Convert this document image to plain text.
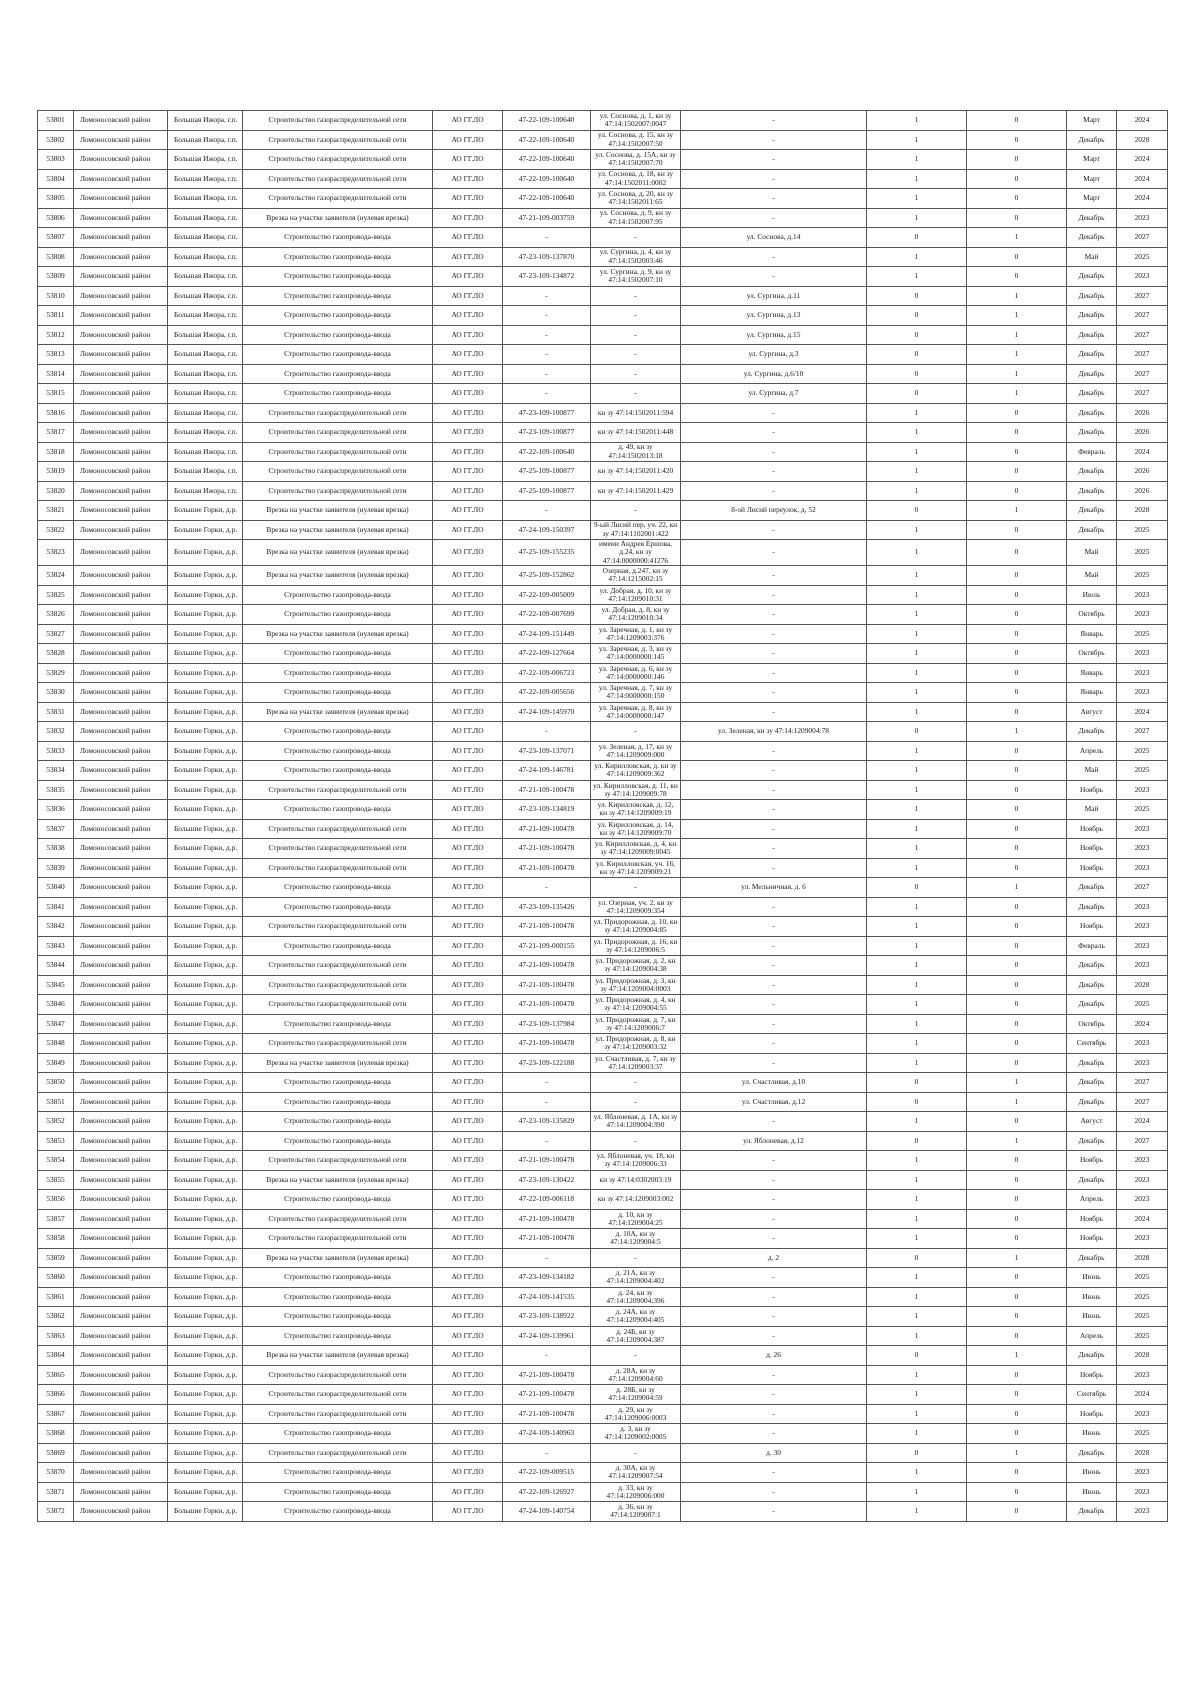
53801	Ломоносовский район	Большая Ижора, г.п.	Строительство газораспределительной сети	АО ГГ.ЛО	47-22-109-100640	ул. Соснова, д. 1, кн зу 47:14:1502007:0047	-	1	0	Март	2024
53802	Ломоносовский район	Большая Ижора, г.п.	Строительство газораспределительной сети	АО ГГ.ЛО	47-22-109-100640	ул. Соснова, д. 15, кн зу 47:14:1502007:50	-	1	0	Декабрь	2028
53803	Ломоносовский район	Большая Ижора, г.п.	Строительство газораспределительной сети	АО ГГ.ЛО	47-22-109-100640	ул. Соснова, д. 15А, кн зу 47:14:1502007:70	-	1	0	Март	2024
53804	Ломоносовский район	Большая Ижора, г.п.	Строительство газораспределительной сети	АО ГГ.ЛО	47-22-109-100640	ул. Соснова, д. 18, кн зу 47:14:1502011:0002	-	1	0	Март	2024
53805	Ломоносовский район	Большая Ижора, г.п.	Строительство газораспределительной сети	АО ГГ.ЛО	47-22-109-100640	ул. Соснова, д. 20, кн зу 47:14:1502011:65	-	1	0	Март	2024
53806	Ломоносовский район	Большая Ижора, г.п.	Врезка на участке заявителя (нулевая врезка)	АО ГГ.ЛО	47-21-109-003759	ул. Соснова, д. 9, кн зу 47:14:1502007:95	-	1	0	Декабрь	2023
53807	Ломоносовский район	Большая Ижора, г.п.	Строительство газопровода-ввода	АО ГГ.ЛО	-	-	ул. Соснова, д.14	0	1	Декабрь	2027
53808	Ломоносовский район	Большая Ижора, г.п.	Строительство газопровода-ввода	АО ГГ.ЛО	47-23-109-137870	ул. Сургина, д. 4, кн зу 47:14:1502003:46	-	1	0	Май	2025
53809	Ломоносовский район	Большая Ижора, г.п.	Строительство газопровода-ввода	АО ГГ.ЛО	47-23-109-134872	ул. Сургина, д. 9, кн зу 47:14:1502007:10	-	1	0	Декабрь	2023
53810	Ломоносовский район	Большая Ижора, г.п.	Строительство газопровода-ввода	АО ГГ.ЛО	-	-	ул. Сургина, д.11	0	1	Декабрь	2027
53811	Ломоносовский район	Большая Ижора, г.п.	Строительство газопровода-ввода	АО ГГ.ЛО	-	-	ул. Сургина, д.13	0	1	Декабрь	2027
53812	Ломоносовский район	Большая Ижора, г.п.	Строительство газопровода-ввода	АО ГГ.ЛО	-	-	ул. Сургина, д.15	0	1	Декабрь	2027
53813	Ломоносовский район	Большая Ижора, г.п.	Строительство газопровода-ввода	АО ГГ.ЛО	-	-	ул. Сургина, д.3	0	1	Декабрь	2027
53814	Ломоносовский район	Большая Ижора, г.п.	Строительство газопровода-ввода	АО ГГ.ЛО	-	-	ул. Сургина, д.6/10	0	1	Декабрь	2027
53815	Ломоносовский район	Большая Ижора, г.п.	Строительство газопровода-ввода	АО ГГ.ЛО	-	-	ул. Сургина, д.7	0	1	Декабрь	2027
53816	Ломоносовский район	Большая Ижора, г.п.	Строительство газораспределительной сети	АО ГГ.ЛО	47-23-109-100877	кн зу 47:14:1502011:594	-	1	0	Декабрь	2026
53817	Ломоносовский район	Большая Ижора, г.п.	Строительство газораспределительной сети	АО ГГ.ЛО	47-23-109-100877	кн зу 47:14:1502011:448	-	1	0	Декабрь	2026
53818	Ломоносовский район	Большая Ижора, г.п.	Строительство газораспределительной сети	АО ГГ.ЛО	47-22-109-100640	д. 49, кн зу 47:14:1502013:18	-	1	0	Февраль	2024
53819	Ломоносовский район	Большая Ижора, г.п.	Строительство газораспределительной сети	АО ГГ.ЛО	47-25-109-100877	кн зу 47:14:1502011:420	-	1	0	Декабрь	2026
53820	Ломоносовский район	Большая Ижора, г.п.	Строительство газораспределительной сети	АО ГГ.ЛО	47-25-109-100877	кн зу 47:14:1502011:429	-	1	0	Декабрь	2026
53821	Ломоносовский район	Большие Горки, д.р.	Врезка на участке заявителя (нулевая врезка)	АО ГГ.ЛО	-	-	8-ой Лисий переулок, д. 52	0	1	Декабрь	2028
53822	Ломоносовский район	Большие Горки, д.р.	Врезка на участке заявителя (нулевая врезка)	АО ГГ.ЛО	47-24-109-150397	9-ый Лисий пер, уч. 22, кн зу 47:14:1102001:422	-	1	0	Декабрь	2025
53823	Ломоносовский район	Большие Горки, д.р.	Врезка на участке заявителя (нулевая врезка)	АО ГГ.ЛО	47-25-109-155235	имени Андрея Ершова, д.24, кн зу 47:14:0000000:41276	-	1	0	Май	2025
53824	Ломоносовский район	Большие Горки, д.р.	Врезка на участке заявителя (нулевая врезка)	АО ГГ.ЛО	47-25-109-152862	Озерная, д.247, кн зу 47:14:1215002:15	-	1	0	Май	2025
53825	Ломоносовский район	Большие Горки, д.р.	Строительство газопровода-ввода	АО ГГ.ЛО	47-22-109-005009	ул. Добрая, д. 10, кн зу 47:14:1209010:31	-	1	0	Июль	2023
53826	Ломоносовский район	Большие Горки, д.р.	Строительство газопровода-ввода	АО ГГ.ЛО	47-22-109-007699	ул. Добрая, д. 8, кн зу 47:14:1209010:34	-	1	0	Октябрь	2023
53827	Ломоносовский район	Большие Горки, д.р.	Врезка на участке заявителя (нулевая врезка)	АО ГГ.ЛО	47-24-109-151449	ул. Заречная, д. 1, кн зу 47:14:1209003:376	-	1	0	Январь	2025
53828	Ломоносовский район	Большие Горки, д.р.	Строительство газопровода-ввода	АО ГГ.ЛО	47-22-109-127664	ул. Заречная, д. 3, кн зу 47:14:0000000:145	-	1	0	Октябрь	2023
53829	Ломоносовский район	Большие Горки, д.р.	Строительство газопровода-ввода	АО ГГ.ЛО	47-22-109-006723	ул. Заречная, д. 6, кн зу 47:14:0000000:146	-	1	0	Январь	2023
53830	Ломоносовский район	Большие Горки, д.р.	Строительство газопровода-ввода	АО ГГ.ЛО	47-22-109-005656	ул. Заречная, д. 7, кн зу 47:14:0000000:150	-	1	0	Январь	2023
53831	Ломоносовский район	Большие Горки, д.р.	Врезка на участке заявителя (нулевая врезка)	АО ГГ.ЛО	47-24-109-145970	ул. Заречная, д. 8, кн зу 47:14:0000000:147	-	1	0	Август	2024
53832	Ломоносовский район	Большие Горки, д.р.	Строительство газопровода-ввода	АО ГГ.ЛО	-	-	ул. Зеленая, кн зу 47:14:1209004:78	0	1	Декабрь	2027
53833	Ломоносовский район	Большие Горки, д.р.	Строительство газопровода-ввода	АО ГГ.ЛО	47-23-109-137071	ул. Зеленая, д. 17, кн зу 47:14:1209009:000	-	1	0	Апрель	2025
53834	Ломоносовский район	Большие Горки, д.р.	Строительство газопровода-ввода	АО ГГ.ЛО	47-24-109-146781	ул. Кирилловская, д. кн зу 47:14:1209009:362	-	1	0	Май	2025
53835	Ломоносовский район	Большие Горки, д.р.	Строительство газораспределительной сети	АО ГГ.ЛО	47-21-109-100478	ул. Кирилловская, д. 11, кн зу 47:14:1209009:78	-	1	0	Ноябрь	2023
53836	Ломоносовский район	Большие Горки, д.р.	Строительство газопровода-ввода	АО ГГ.ЛО	47-23-109-134819	ул. Кирилловская, д. 12, кн зу 47:14:1209009:19	-	1	0	Май	2025
53837	Ломоносовский район	Большие Горки, д.р.	Строительство газораспределительной сети	АО ГГ.ЛО	47-21-109-100478	ул. Кирилловская, д. 14, кн зу 47:14:1209009:70	-	1	0	Ноябрь	2023
53838	Ломоносовский район	Большие Горки, д.р.	Строительство газораспределительной сети	АО ГГ.ЛО	47-21-109-100478	ул. Кирилловская, д. 4, кн зу 47:14:1209009:0045	-	1	0	Ноябрь	2023
53839	Ломоносовский район	Большие Горки, д.р.	Строительство газораспределительной сети	АО ГГ.ЛО	47-21-109-100478	ул. Кирилловская, уч. 16, кн зу 47:14:1209009:21	-	1	0	Ноябрь	2023
53840	Ломоносовский район	Большие Горки, д.р.	Строительство газопровода-ввода	АО ГГ.ЛО	-	-	ул. Мельничная, д. 6	0	1	Декабрь	2027
53841	Ломоносовский район	Большие Горки, д.р.	Строительство газопровода-ввода	АО ГГ.ЛО	47-23-109-135426	ул. Озерная, уч. 2, кн зу 47:14:1209009:354	-	1	0	Декабрь	2023
53842	Ломоносовский район	Большие Горки, д.р.	Строительство газораспределительной сети	АО ГГ.ЛО	47-21-109-100478	ул. Придорожная, д. 10, кн зу 47:14:1209004:85	-	1	0	Ноябрь	2023
53843	Ломоносовский район	Большие Горки, д.р.	Строительство газопровода-ввода	АО ГГ.ЛО	47-21-109-000155	ул. Придорожная, д. 16, кн зу 47:14:1209006:5	-	1	0	Февраль	2023
53844	Ломоносовский район	Большие Горки, д.р.	Строительство газораспределительной сети	АО ГГ.ЛО	47-21-109-100478	ул. Придорожная, д. 2, кн зу 47:14:1209004:38	-	1	0	Декабрь	2023
53845	Ломоносовский район	Большие Горки, д.р.	Строительство газораспределительной сети	АО ГГ.ЛО	47-21-109-100478	ул. Придорожная, д. 3, кн зу 47:14:1209004:0003	-	1	0	Декабрь	2028
53846	Ломоносовский район	Большие Горки, д.р.	Строительство газораспределительной сети	АО ГГ.ЛО	47-21-109-100478	ул. Придорожная, д. 4, кн зу 47:14:1209004:55	-	1	0	Декабрь	2025
53847	Ломоносовский район	Большие Горки, д.р.	Строительство газопровода-ввода	АО ГГ.ЛО	47-23-109-137984	ул. Придорожная, д. 7, кн зу 47:14:1209006:7	-	1	0	Октябрь	2024
53848	Ломоносовский район	Большие Горки, д.р.	Строительство газораспределительной сети	АО ГГ.ЛО	47-21-109-100478	ул. Придорожная, д. 8, кн зу 47:14:1209003:32	-	1	0	Сентябрь	2023
53849	Ломоносовский район	Большие Горки, д.р.	Врезка на участке заявителя (нулевая врезка)	АО ГГ.ЛО	47-23-109-122188	ул. Счастливая, д. 7, кн зу 47:14:1209003:37	-	1	0	Декабрь	2023
53850	Ломоносовский район	Большие Горки, д.р.	Строительство газопровода-ввода	АО ГГ.ЛО	-	-	ул. Счастливая, д.10	0	1	Декабрь	2027
53851	Ломоносовский район	Большие Горки, д.р.	Строительство газопровода-ввода	АО ГГ.ЛО	-	-	ул. Счастливая, д.12	0	1	Декабрь	2027
53852	Ломоносовский район	Большие Горки, д.р.	Строительство газопровода-ввода	АО ГГ.ЛО	47-23-109-135829	ул. Яблоневая, д. 1А, кн зу 47:14:1209004:390	-	1	0	Август	2024
53853	Ломоносовский район	Большие Горки, д.р.	Строительство газопровода-ввода	АО ГГ.ЛО	-	-	ул. Яблоневая, д.12	0	1	Декабрь	2027
53854	Ломоносовский район	Большие Горки, д.р.	Строительство газораспределительной сети	АО ГГ.ЛО	47-21-109-100478	ул. Яблоневая, уч. 18, кн зу 47:14:1209006:33	-	1	0	Ноябрь	2023
53855	Ломоносовский район	Большие Горки, д.р.	Врезка на участке заявителя (нулевая врезка)	АО ГГ.ЛО	47-23-109-130422	кн зу 47:14:0302003:19	-	1	0	Декабрь	2023
53856	Ломоносовский район	Большие Горки, д.р.	Строительство газопровода-ввода	АО ГГ.ЛО	47-22-109-006118	кн зу 47:14:1209003:002	-	1	0	Апрель	2023
53857	Ломоносовский район	Большие Горки, д.р.	Строительство газораспределительной сети	АО ГГ.ЛО	47-21-109-100478	д. 10, кн зу 47:14:1209004:25	-	1	0	Ноябрь	2024
53858	Ломоносовский район	Большие Горки, д.р.	Строительство газораспределительной сети	АО ГГ.ЛО	47-21-109-100478	д. 10А, кн зу 47:14:1209004:5	-	1	0	Ноябрь	2023
53859	Ломоносовский район	Большие Горки, д.р.	Врезка на участке заявителя (нулевая врезка)	АО ГГ.ЛО	-	-	д. 2	0	1	Декабрь	2028
53860	Ломоносовский район	Большие Горки, д.р.	Строительство газопровода-ввода	АО ГГ.ЛО	47-23-109-134182	д. 21А, кн зу 47:14:1209004:402	-	1	0	Июнь	2025
53861	Ломоносовский район	Большие Горки, д.р.	Строительство газопровода-ввода	АО ГГ.ЛО	47-24-109-141535	д. 24, кн зу 47:14:1209004:396	-	1	0	Июнь	2025
53862	Ломоносовский район	Большие Горки, д.р.	Строительство газопровода-ввода	АО ГГ.ЛО	47-23-109-138922	д. 24А, кн зу 47:14:1209004:405	-	1	0	Июнь	2025
53863	Ломоносовский район	Большие Горки, д.р.	Строительство газопровода-ввода	АО ГГ.ЛО	47-24-109-139961	д. 24Б, кн зу 47:14:1209004:387	-	1	0	Апрель	2025
53864	Ломоносовский район	Большие Горки, д.р.	Врезка на участке заявителя (нулевая врезка)	АО ГГ.ЛО	-	-	д. 26	0	1	Декабрь	2028
53865	Ломоносовский район	Большие Горки, д.р.	Строительство газораспределительной сети	АО ГГ.ЛО	47-21-109-100478	д. 28А, кн зу 47:14:1209004:60	-	1	0	Ноябрь	2023
53866	Ломоносовский район	Большие Горки, д.р.	Строительство газораспределительной сети	АО ГГ.ЛО	47-21-109-100478	д. 28Б, кн зу 47:14:1209004:59	-	1	0	Сентябрь	2024
53867	Ломоносовский район	Большие Горки, д.р.	Строительство газораспределительной сети	АО ГГ.ЛО	47-21-109-100478	д. 29, кн зу 47:14:1209006:0003	-	1	0	Ноябрь	2023
53868	Ломоносовский район	Большие Горки, д.р.	Строительство газопровода-ввода	АО ГГ.ЛО	47-24-109-140963	д. 3, кн зу 47:14:1209002:0005	-	1	0	Июнь	2025
53869	Ломоносовский район	Большие Горки, д.р.	Строительство газораспределительной сети	АО ГГ.ЛО	-	-	д. 30	0	1	Декабрь	2028
53870	Ломоносовский район	Большие Горки, д.р.	Строительство газопровода-ввода	АО ГГ.ЛО	47-22-109-009515	д. 30А, кн зу 47:14:1209007:54	-	1	0	Июнь	2023
53871	Ломоносовский район	Большие Горки, д.р.	Строительство газопровода-ввода	АО ГГ.ЛО	47-22-109-126927	д. 33, кн зу 47:14:1209006:000	-	1	0	Июнь	2023
53872	Ломоносовский район	Большие Горки, д.р.	Строительство газопровода-ввода	АО ГГ.ЛО	47-24-109-140754	д. 36, кн зу 47:14:1209007:1	-	1	0	Декабрь	2023
